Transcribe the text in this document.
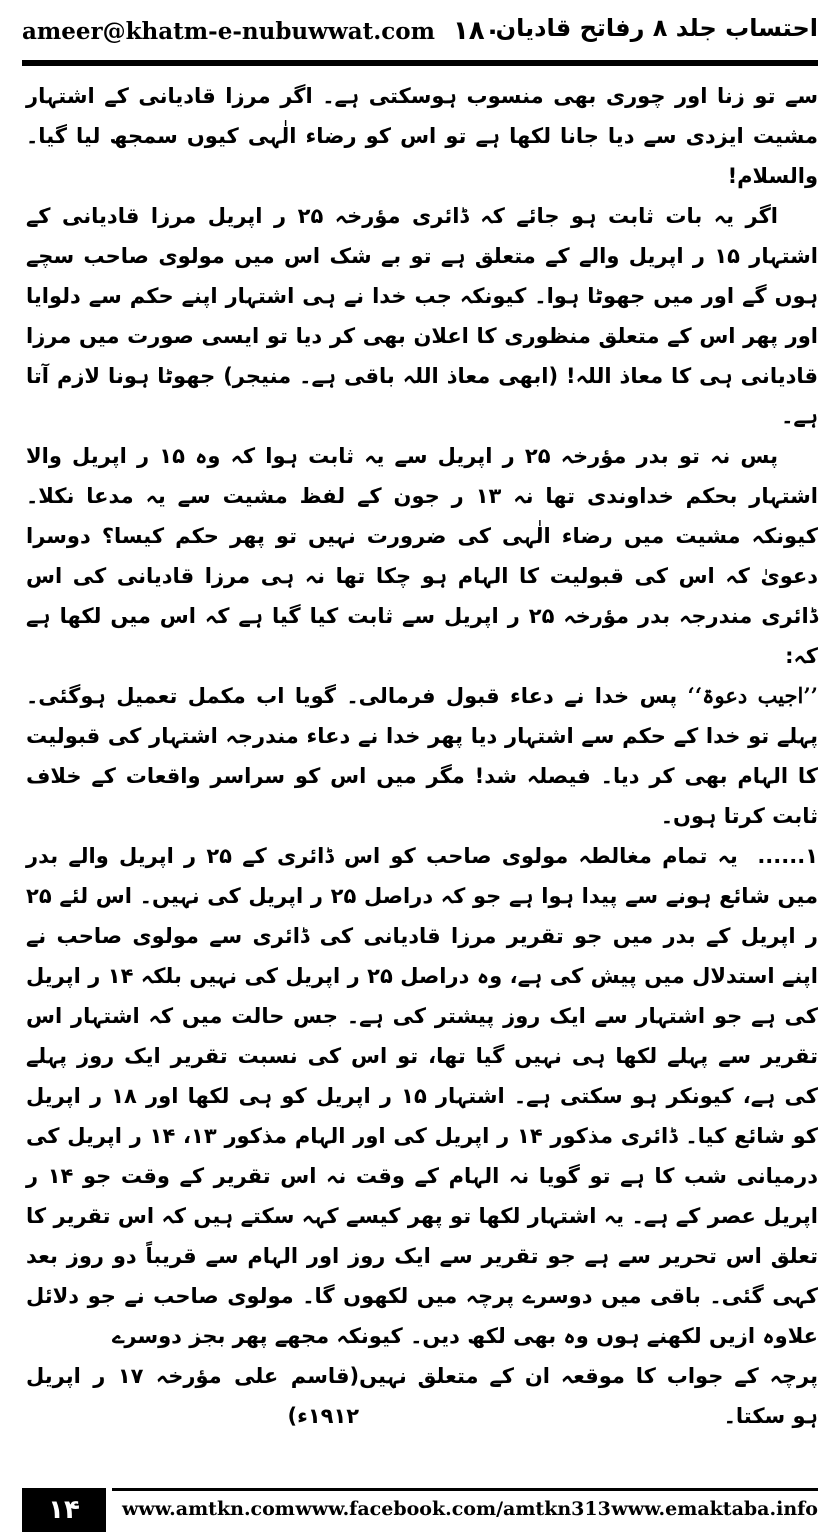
ameer@khatm-e-nubuwwat.com ۱۸۰
احتساب جلد ۸ رفاتح قادیان

سے تو زنا اور چوری بھی منسوب ہوسکتی ہے۔ اگر مرزا قادیانی کے اشتہار مشیت ایزدی سے دیا جانا لکھا ہے تو اس کو رضاء الٰہی کیوں سمجھ لیا گیا۔ والسلام!

اگر یہ بات ثابت ہو جائے کہ ڈائری مؤرخہ ۲۵ ر اپریل مرزا قادیانی کے اشتہار ۱۵ ر اپریل والے کے متعلق ہے تو بے شک اس میں مولوی صاحب سچے ہوں گے اور میں جھوٹا ہوا۔ کیونکہ جب خدا نے ہی اشتہار اپنے حکم سے دلوایا اور پھر اس کے متعلق منظوری کا اعلان بھی کر دیا تو ایسی صورت میں مرزا قادیانی ہی کا معاذ اللہ! (ابھی معاذ اللہ باقی ہے۔ منیجر) جھوٹا ہونا لازم آتا ہے۔

پس نہ تو بدر مؤرخہ ۲۵ ر اپریل سے یہ ثابت ہوا کہ وہ ۱۵ ر اپریل والا اشتہار بحکم خداوندی تھا نہ ۱۳ ر جون کے لفظ مشیت سے یہ مدعا نکلا۔ کیونکہ مشیت میں رضاء الٰہی کی ضرورت نہیں تو پھر حکم کیسا؟ دوسرا دعویٰ کہ اس کی قبولیت کا الہام ہو چکا تھا نہ ہی مرزا قادیانی کی اس ڈائری مندرجہ بدر مؤرخہ ۲۵ ر اپریل سے ثابت کیا گیا ہے کہ اس میں لکھا ہے کہ:

’’اجیب دعوۃ‘‘ پس خدا نے دعاء قبول فرمالی۔ گویا اب مکمل تعمیل ہوگئی۔ پہلے تو خدا کے حکم سے اشتہار دیا پھر خدا نے دعاء مندرجہ اشتہار کی قبولیت کا الہام بھی کر دیا۔ فیصلہ شد! مگر میں اس کو سراسر واقعات کے خلاف ثابت کرتا ہوں۔

۱...... یہ تمام مغالطہ مولوی صاحب کو اس ڈائری کے ۲۵ ر اپریل والے بدر میں شائع ہونے سے پیدا ہوا ہے جو کہ دراصل ۲۵ ر اپریل کی نہیں۔ اس لئے ۲۵ ر اپریل کے بدر میں جو تقریر مرزا قادیانی کی ڈائری سے مولوی صاحب نے اپنے استدلال میں پیش کی ہے، وہ دراصل ۲۵ ر اپریل کی نہیں بلکہ ۱۴ ر اپریل کی ہے جو اشتہار سے ایک روز پیشتر کی ہے۔ جس حالت میں کہ اشتہار اس تقریر سے پہلے لکھا ہی نہیں گیا تھا، تو اس کی نسبت تقریر ایک روز پہلے کی ہے، کیونکر ہو سکتی ہے۔ اشتہار ۱۵ ر اپریل کو ہی لکھا اور ۱۸ ر اپریل کو شائع کیا۔ ڈائری مذکور ۱۴ ر اپریل کی اور الہام مذکور ۱۳، ۱۴ ر اپریل کی درمیانی شب کا ہے تو گویا نہ الہام کے وقت نہ اس تقریر کے وقت جو ۱۴ ر اپریل عصر کے ہے۔ یہ اشتہار لکھا تو پھر کیسے کہہ سکتے ہیں کہ اس تقریر کا تعلق اس تحریر سے ہے جو تقریر سے ایک روز اور الہام سے قریباً دو روز بعد کہی گئی۔ باقی میں دوسرے پرچہ میں لکھوں گا۔ مولوی صاحب نے جو دلائل علاوہ ازیں لکھنے ہوں وہ بھی لکھ دیں۔ کیونکہ مجھے پھر بجز دوسرے

پرچہ کے جواب کا موقعہ ان کے متعلق نہیں ہو سکتا۔
(قاسم علی مؤرخہ ۱۷ ر اپریل ۱۹۱۲ء)
۱۴	www.amtkn.com www.facebook.com/amtkn313 www.emaktaba.info
